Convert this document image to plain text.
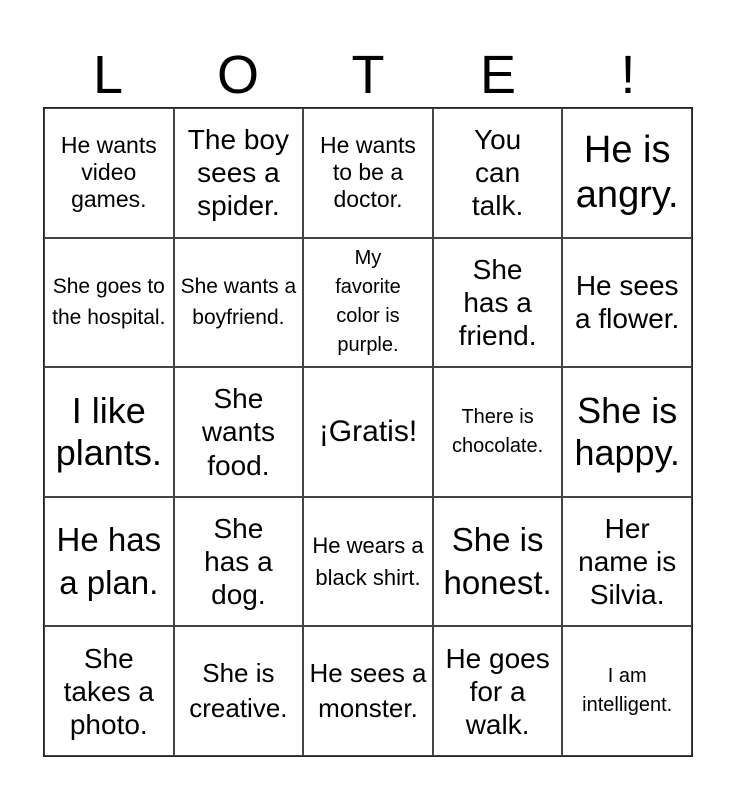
L	O	T	E	!
He wants video games.
The boy sees a spider.
He wants to be a doctor.
You can talk.
He is angry.
She goes to the hospital.
She wants a boyfriend.
My favorite color is purple.
She has a friend.
He sees a flower.
I like plants.
She wants food.
¡Gratis!	There is chocolate.
She is happy.
He has a plan.
She has a dog.
He wears a black shirt.
She is honest.
Her name is Silvia.
She takes a photo.
She is creative.
He sees a monster.
He goes for a walk.
I am intelligent.
